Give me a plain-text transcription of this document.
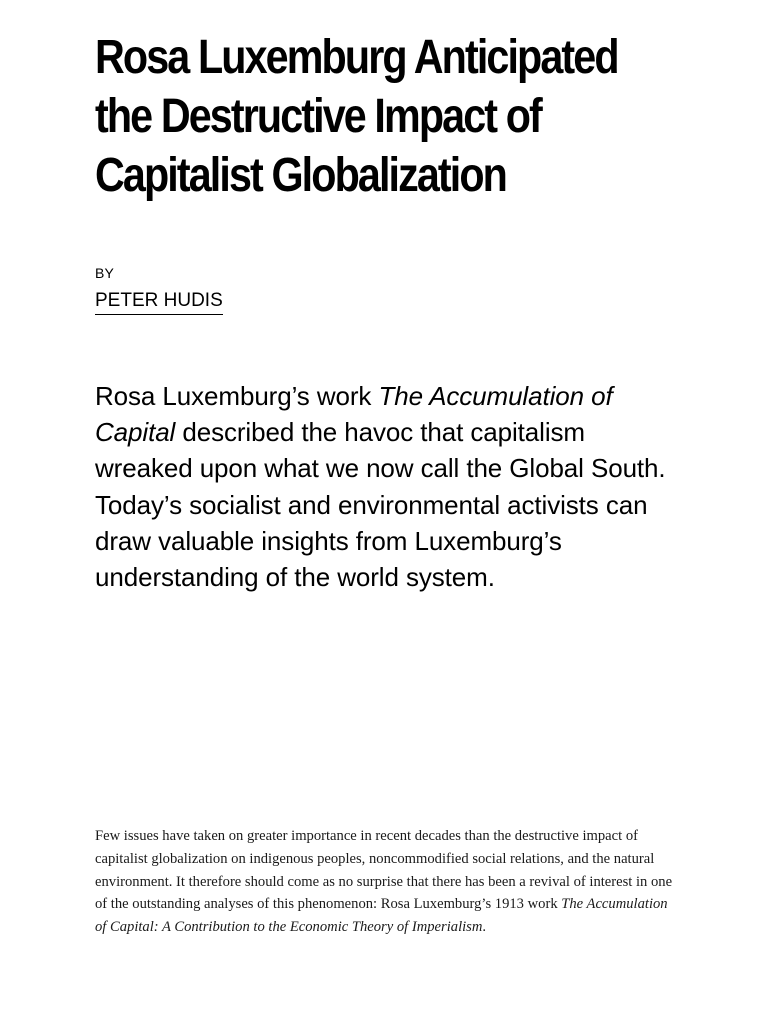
Rosa Luxemburg Anticipated
the Destructive Impact of
Capitalist Globalization
BY
PETER HUDIS

Rosa Luxemburg’s work The Accumulation of Capital described the havoc that capitalism wreaked upon what we now call the Global South. Today’s socialist and environmental activists can draw valuable insights from Luxemburg’s understanding of the world system.

Few issues have taken on greater importance in recent decades than the destructive impact of capitalist globalization on indigenous peoples, noncommodified social relations, and the natural environment. It therefore should come as no surprise that there has been a revival of interest in one of the outstanding analyses of this phenomenon: Rosa Luxemburg’s 1913 work The Accumulation of Capital: A Contribution to the Economic Theory of Imperialism.
